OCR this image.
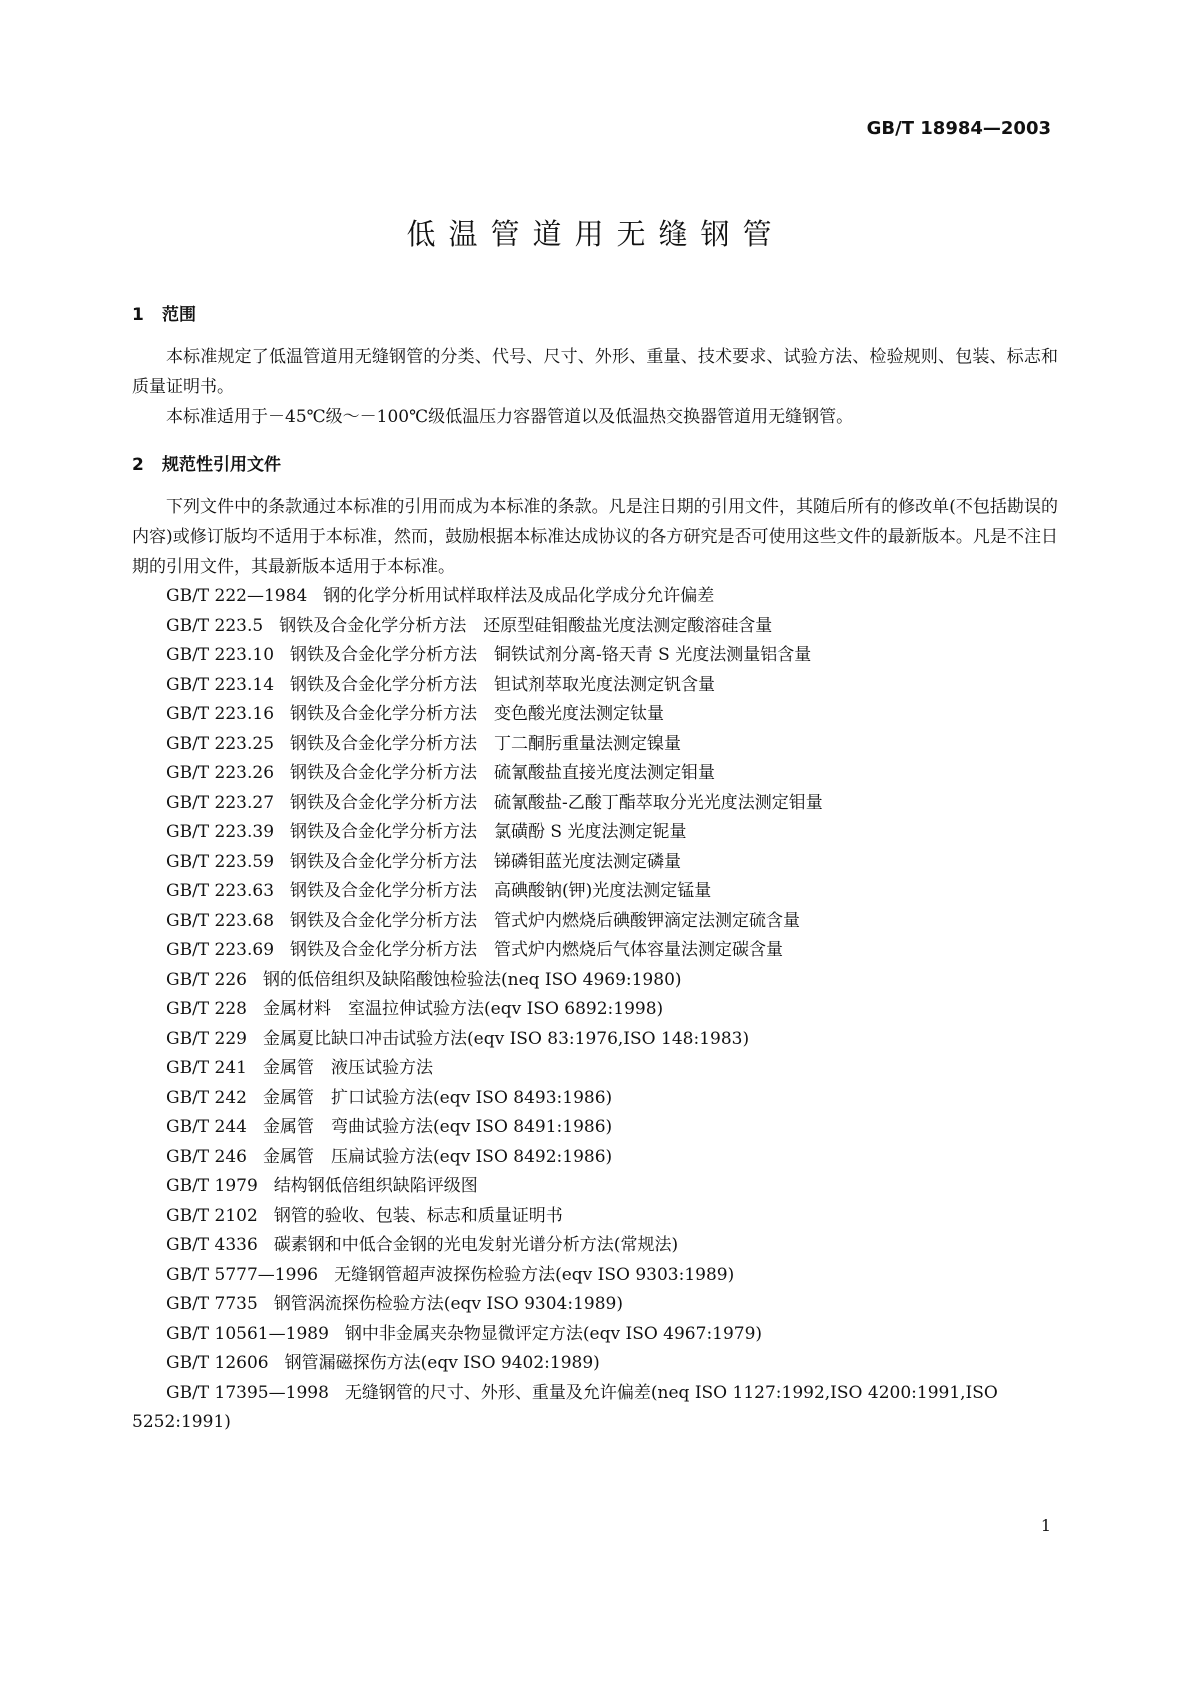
GB/T 18984—2003
低温管道用无缝钢管
1 范围

本标准规定了低温管道用无缝钢管的分类、代号、尺寸、外形、重量、技术要求、试验方法、检验规则、包装、标志和质量证明书。

本标准适用于－45℃级～－100℃级低温压力容器管道以及低温热交换器管道用无缝钢管。

2 规范性引用文件

下列文件中的条款通过本标准的引用而成为本标准的条款。凡是注日期的引用文件，其随后所有的修改单(不包括勘误的内容)或修订版均不适用于本标准，然而，鼓励根据本标准达成协议的各方研究是否可使用这些文件的最新版本。凡是不注日期的引用文件，其最新版本适用于本标准。

GB/T 222—1984 钢的化学分析用试样取样法及成品化学成分允许偏差
GB/T 223.5 钢铁及合金化学分析方法　还原型硅钼酸盐光度法测定酸溶硅含量
GB/T 223.10 钢铁及合金化学分析方法　铜铁试剂分离-铬天青 S 光度法测量铝含量
GB/T 223.14 钢铁及合金化学分析方法　钽试剂萃取光度法测定钒含量
GB/T 223.16 钢铁及合金化学分析方法　变色酸光度法测定钛量
GB/T 223.25 钢铁及合金化学分析方法　丁二酮肟重量法测定镍量
GB/T 223.26 钢铁及合金化学分析方法　硫氰酸盐直接光度法测定钼量
GB/T 223.27 钢铁及合金化学分析方法　硫氰酸盐-乙酸丁酯萃取分光光度法测定钼量
GB/T 223.39 钢铁及合金化学分析方法　氯磺酚 S 光度法测定铌量
GB/T 223.59 钢铁及合金化学分析方法　锑磷钼蓝光度法测定磷量
GB/T 223.63 钢铁及合金化学分析方法　高碘酸钠(钾)光度法测定锰量
GB/T 223.68 钢铁及合金化学分析方法　管式炉内燃烧后碘酸钾滴定法测定硫含量
GB/T 223.69 钢铁及合金化学分析方法　管式炉内燃烧后气体容量法测定碳含量
GB/T 226 钢的低倍组织及缺陷酸蚀检验法(neq ISO 4969:1980)
GB/T 228 金属材料　室温拉伸试验方法(eqv ISO 6892:1998)
GB/T 229 金属夏比缺口冲击试验方法(eqv ISO 83:1976,ISO 148:1983)
GB/T 241 金属管　液压试验方法
GB/T 242 金属管　扩口试验方法(eqv ISO 8493:1986)
GB/T 244 金属管　弯曲试验方法(eqv ISO 8491:1986)
GB/T 246 金属管　压扁试验方法(eqv ISO 8492:1986)
GB/T 1979 结构钢低倍组织缺陷评级图
GB/T 2102 钢管的验收、包装、标志和质量证明书
GB/T 4336 碳素钢和中低合金钢的光电发射光谱分析方法(常规法)
GB/T 5777—1996 无缝钢管超声波探伤检验方法(eqv ISO 9303:1989)
GB/T 7735 钢管涡流探伤检验方法(eqv ISO 9304:1989)
GB/T 10561—1989 钢中非金属夹杂物显微评定方法(eqv ISO 4967:1979)
GB/T 12606 钢管漏磁探伤方法(eqv ISO 9402:1989)
GB/T 17395—1998 无缝钢管的尺寸、外形、重量及允许偏差(neq ISO 1127:1992,ISO 4200:1991,ISO 5252:1991)
1
